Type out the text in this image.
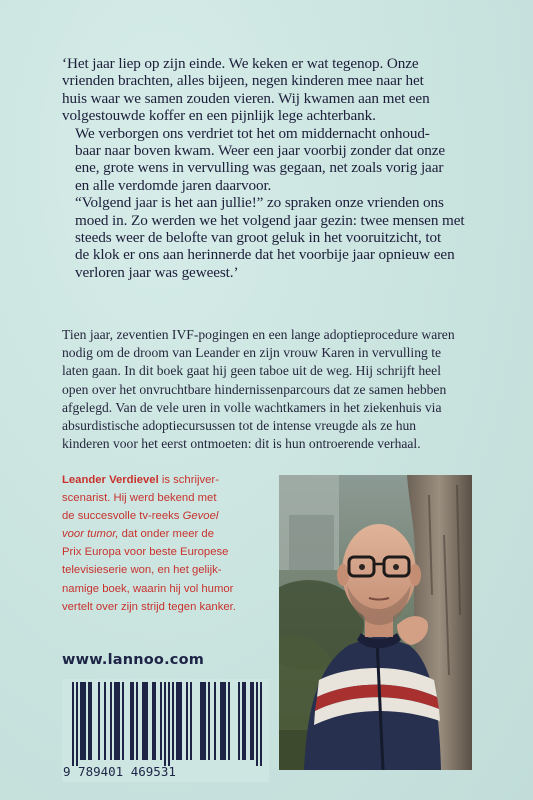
‘Het jaar liep op zijn einde. We keken er wat tegenop. Onze
vrienden brachten, alles bijeen, negen kinderen mee naar het
huis waar we samen zouden vieren. Wij kwamen aan met een
volgestouwde koffer en een pijnlijk lege achterbank.

We verborgen ons verdriet tot het om middernacht onhoud-
baar naar boven kwam. Weer een jaar voorbij zonder dat onze
ene, grote wens in vervulling was gegaan, net zoals vorig jaar
en alle verdomde jaren daarvoor.

“Volgend jaar is het aan jullie!” zo spraken onze vrienden ons
moed in. Zo werden we het volgend jaar gezin: twee mensen met
steeds weer de belofte van groot geluk in het vooruitzicht, tot
de klok er ons aan herinnerde dat het voorbije jaar opnieuw een
verloren jaar was geweest.’

Tien jaar, zeventien IVF-pogingen en een lange adoptieprocedure waren
nodig om de droom van Leander en zijn vrouw Karen in vervulling te
laten gaan. In dit boek gaat hij geen taboe uit de weg. Hij schrijft heel
open over het onvruchtbare hindernissenparcours dat ze samen hebben
afgelegd. Van de vele uren in volle wachtkamers in het ziekenhuis via
absurdistische adoptiecursussen tot de intense vreugde als ze hun
kinderen voor het eerst ontmoeten: dit is hun ontroerende verhaal.
Leander Verdievel is schrijver-
scenarist. Hij werd bekend met
de succesvolle tv-reeks Gevoel
voor tumor, dat onder meer de
Prix Europa voor beste Europese
televisieserie won, en het gelijk-
namige boek, waarin hij vol humor
vertelt over zijn strijd tegen kanker.
www.lannoo.com
9 789401 469531
